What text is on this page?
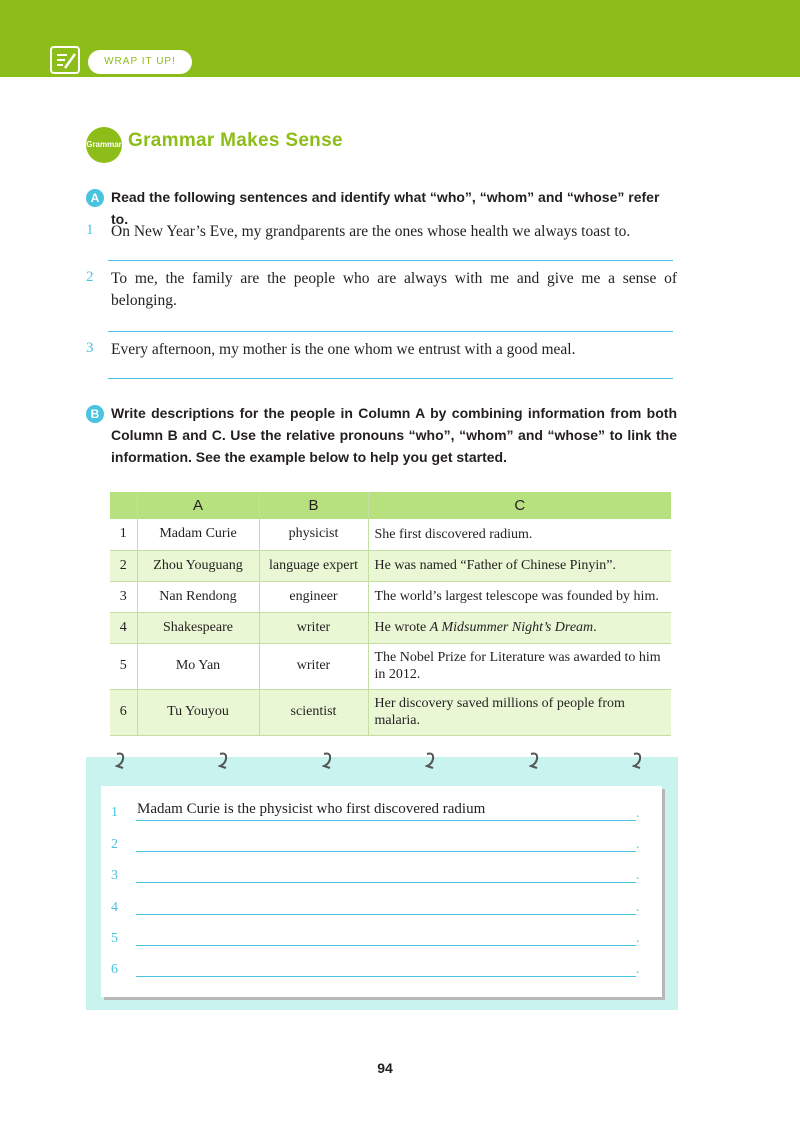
WRAP IT UP!
Grammar Grammar Makes Sense
A Read the following sentences and identify what “who”, “whom” and “whose” refer to.
1 On New Year’s Eve, my grandparents are the ones whose health we always toast to.
2 To me, the family are the people who are always with me and give me a sense of belonging.
3 Every afternoon, my mother is the one whom we entrust with a good meal.
B Write descriptions for the people in Column A by combining information from both Column B and C. Use the relative pronouns “who”, “whom” and “whose” to link the information. See the example below to help you get started.
	A	B	C
1	Madam Curie	physicist	She first discovered radium.
2	Zhou Youguang	language expert	He was named “Father of Chinese Pinyin”.
3	Nan Rendong	engineer	The world’s largest telescope was founded by him.
4	Shakespeare	writer	He wrote A Midsummer Night’s Dream.
5	Mo Yan	writer	The Nobel Prize for Literature was awarded to him in 2012.
6	Tu Youyou	scientist	Her discovery saved millions of people from malaria.
1 Madam Curie is the physicist who first discovered radium	.
2	.
3	.
4	.
5	.
6	.
94
